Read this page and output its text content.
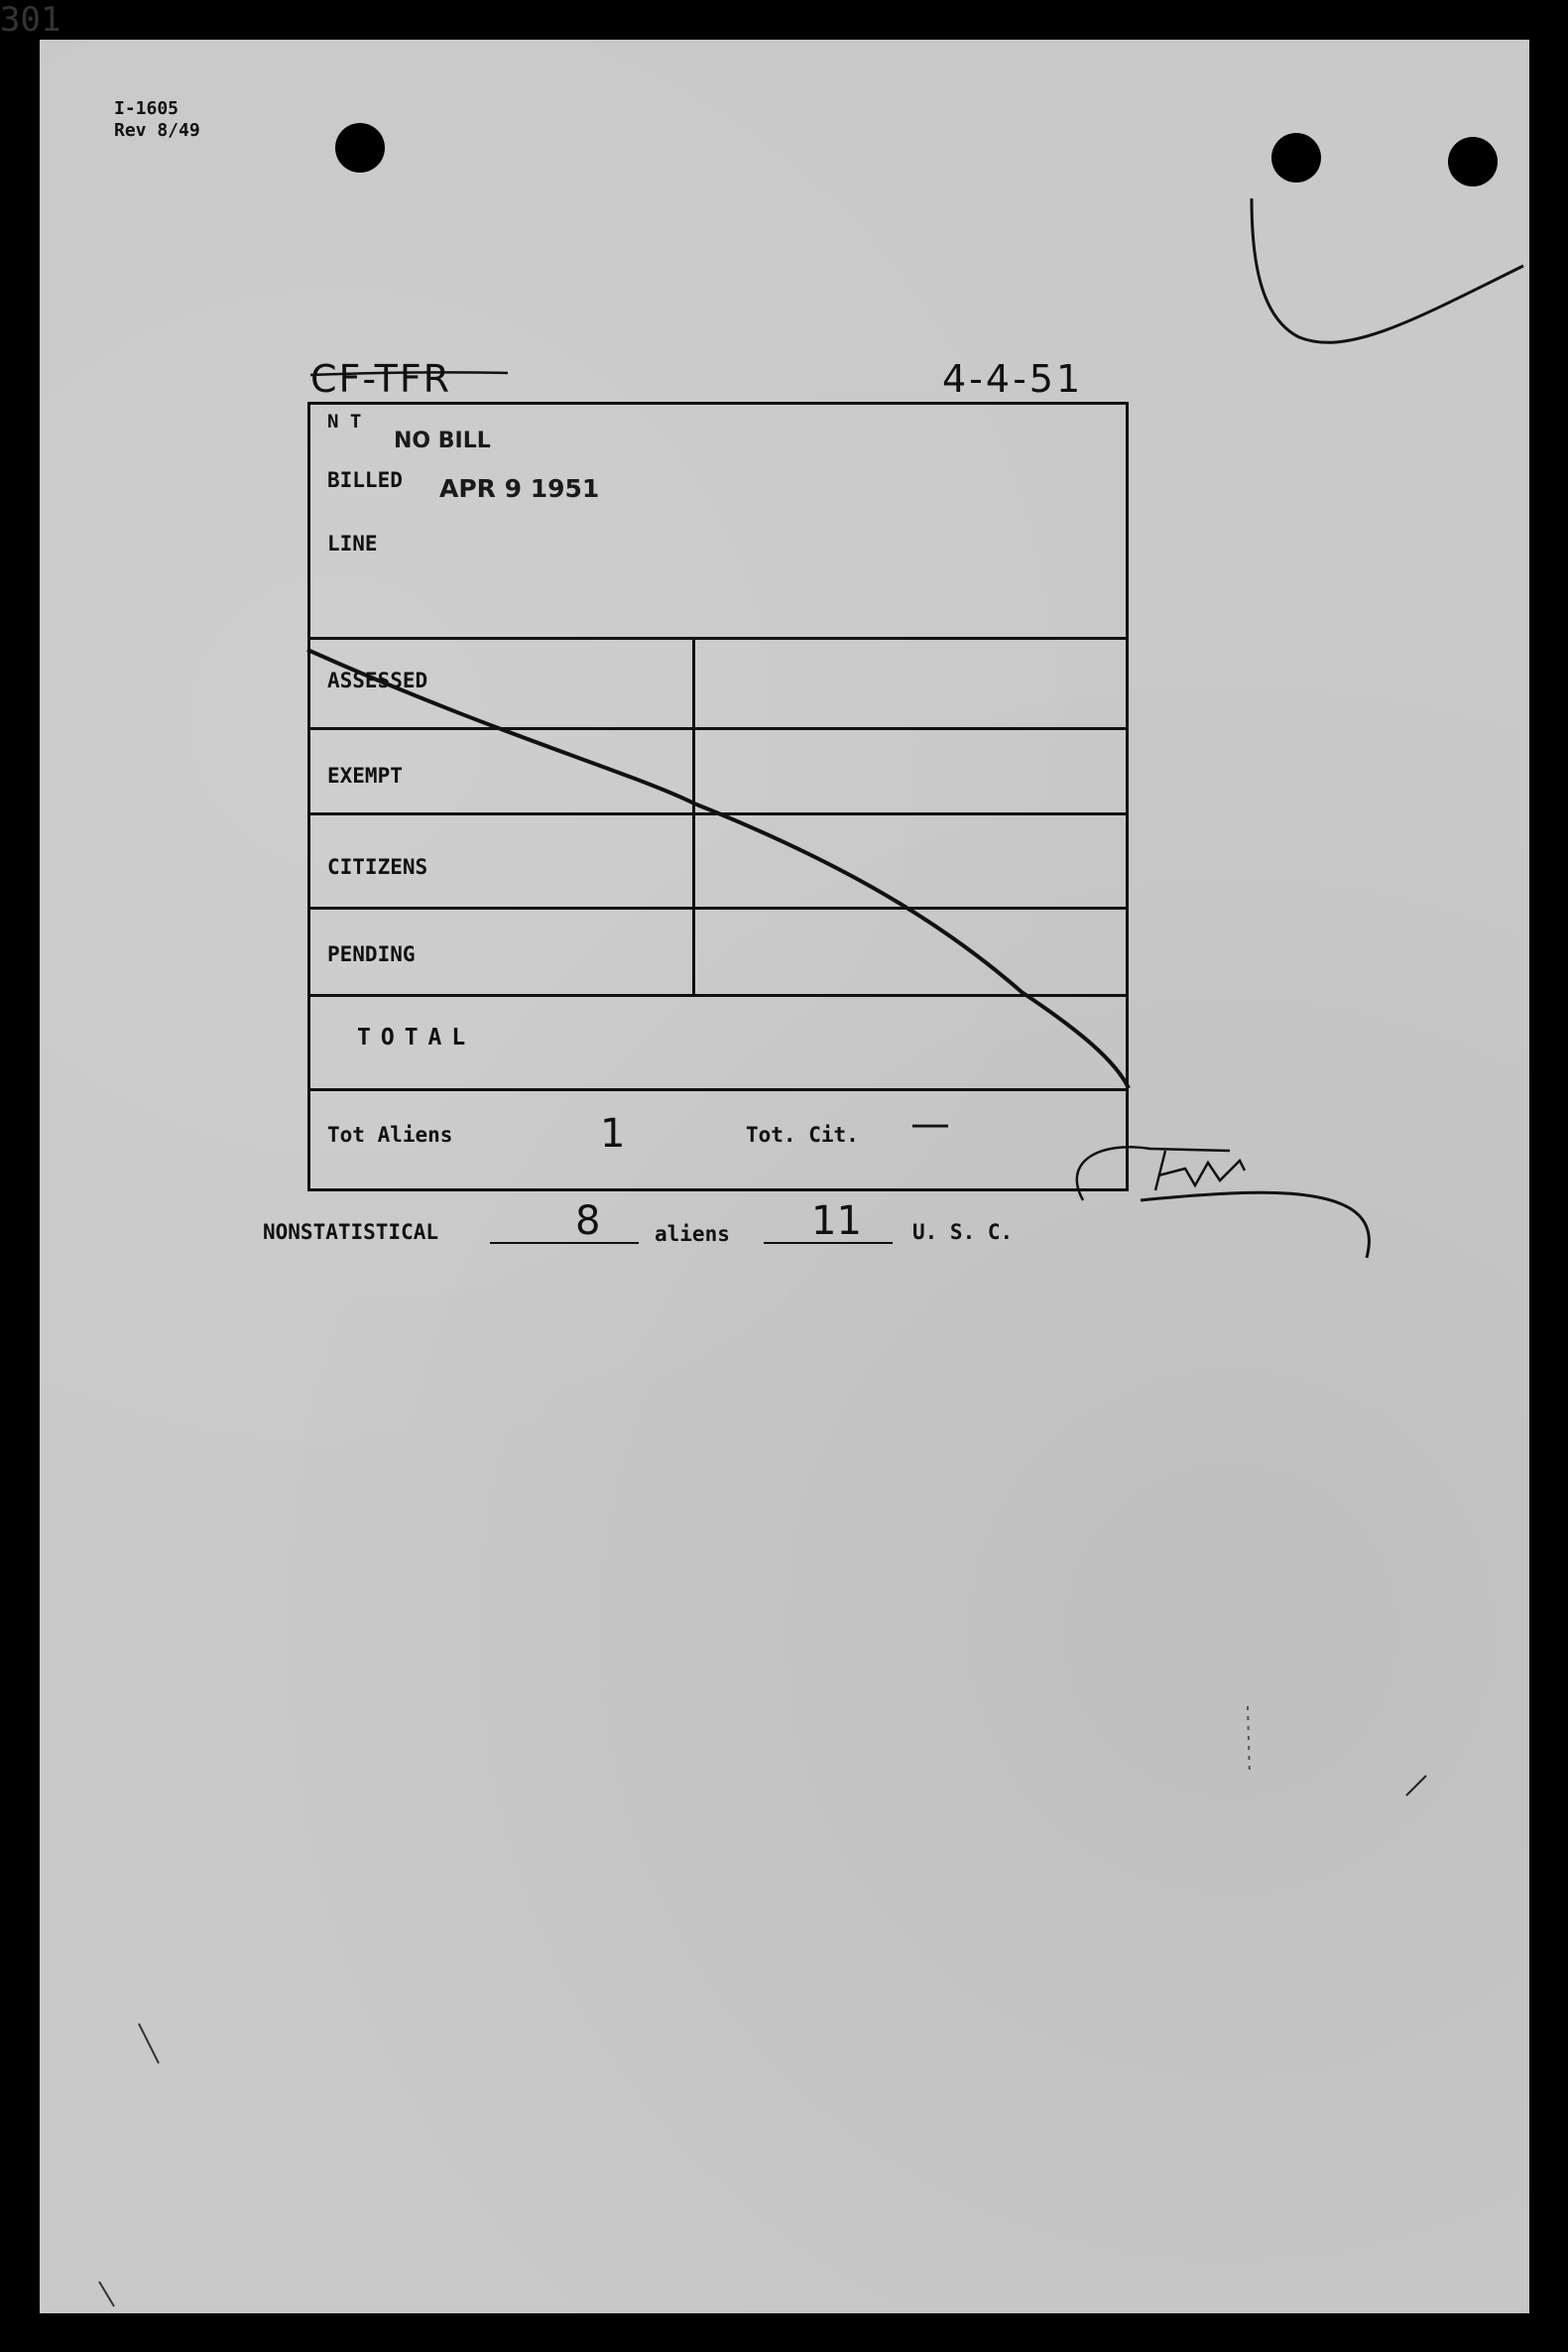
I-1605
Rev 8/49
CF-TFR	4-4-51
N T
BILLED
LINE
NO BILL
APR 9 1951
ASSESSED
EXEMPT
CITIZENS
PENDING
TOTAL
Tot Aliens	1	Tot. Cit. —
NONSTATISTICAL	8	aliens 11 U. S. C.
301
